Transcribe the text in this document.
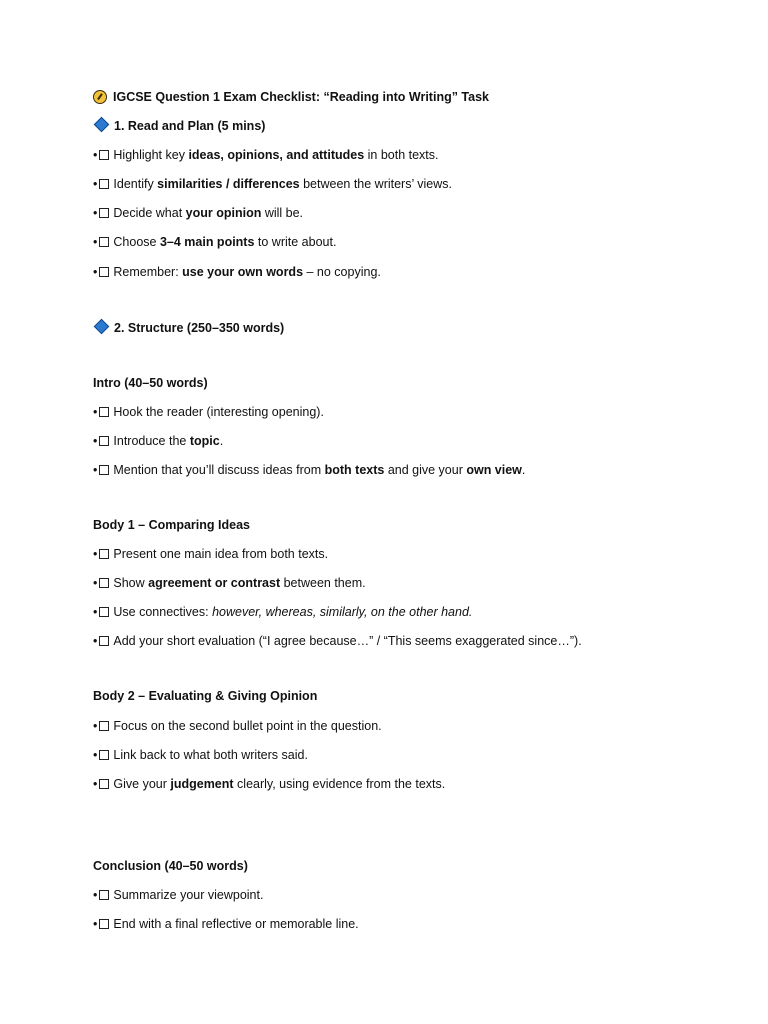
IGCSE Question 1 Exam Checklist: “Reading into Writing” Task
1. Read and Plan (5 mins)
• Highlight key ideas, opinions, and attitudes in both texts.
• Identify similarities / differences between the writers’ views.
• Decide what your opinion will be.
• Choose 3–4 main points to write about.
• Remember: use your own words – no copying.
2. Structure (250–350 words)
Intro (40–50 words)
• Hook the reader (interesting opening).
• Introduce the topic.
• Mention that you’ll discuss ideas from both texts and give your own view.
Body 1 – Comparing Ideas
• Present one main idea from both texts.
• Show agreement or contrast between them.
• Use connectives: however, whereas, similarly, on the other hand.
• Add your short evaluation (“I agree because…” / “This seems exaggerated since…”).
Body 2 – Evaluating & Giving Opinion
• Focus on the second bullet point in the question.
• Link back to what both writers said.
• Give your judgement clearly, using evidence from the texts.
Conclusion (40–50 words)
• Summarize your viewpoint.
• End with a final reflective or memorable line.
